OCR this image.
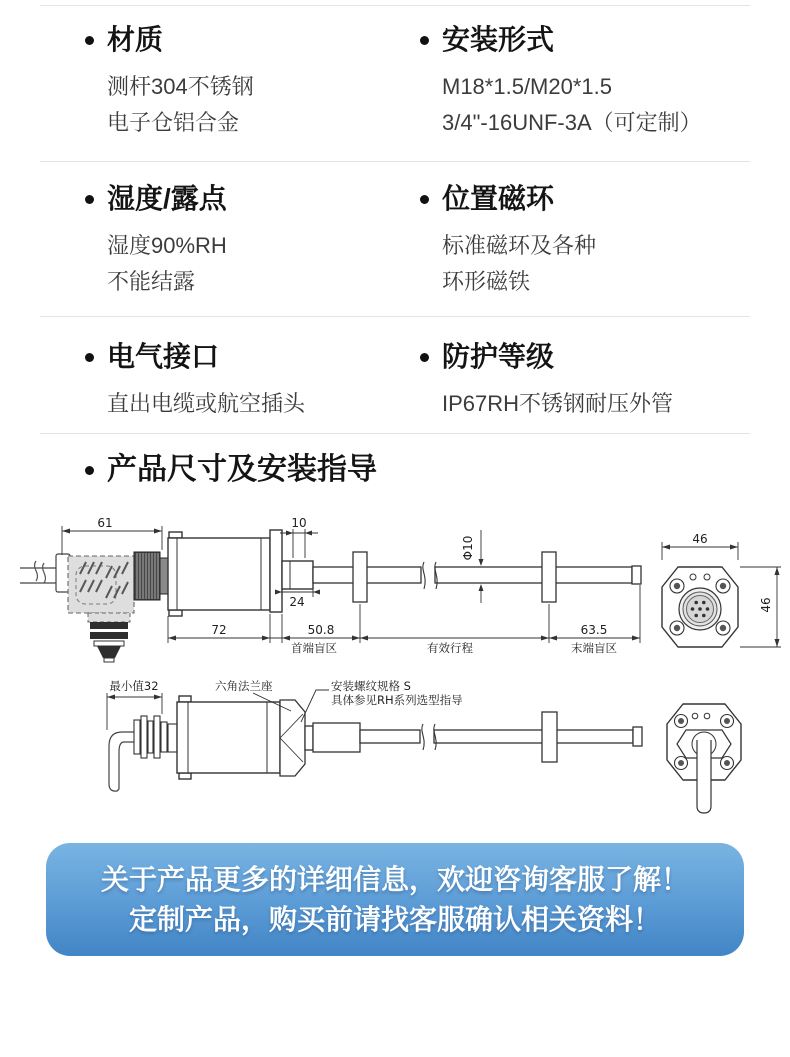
材质
测杆304不锈钢
电子仓铝合金
安装形式
M18*1.5/M20*1.5
3/4"-16UNF-3A（可定制）
湿度/露点
湿度90%RH
不能结露
位置磁环
标准磁环及各种
环形磁铁
电气接口
直出电缆或航空插头
防护等级
IP67RH不锈钢耐压外管
产品尺寸及安装指导
61	10
24
72	50.8	63.5
Φ10
首端盲区	有效行程	末端盲区
46
46
最小值32	六角法兰座	安装螺纹规格 S
具体参见RH系列选型指导
关于产品更多的详细信息，欢迎咨询客服了解！
定制产品，购买前请找客服确认相关资料！
